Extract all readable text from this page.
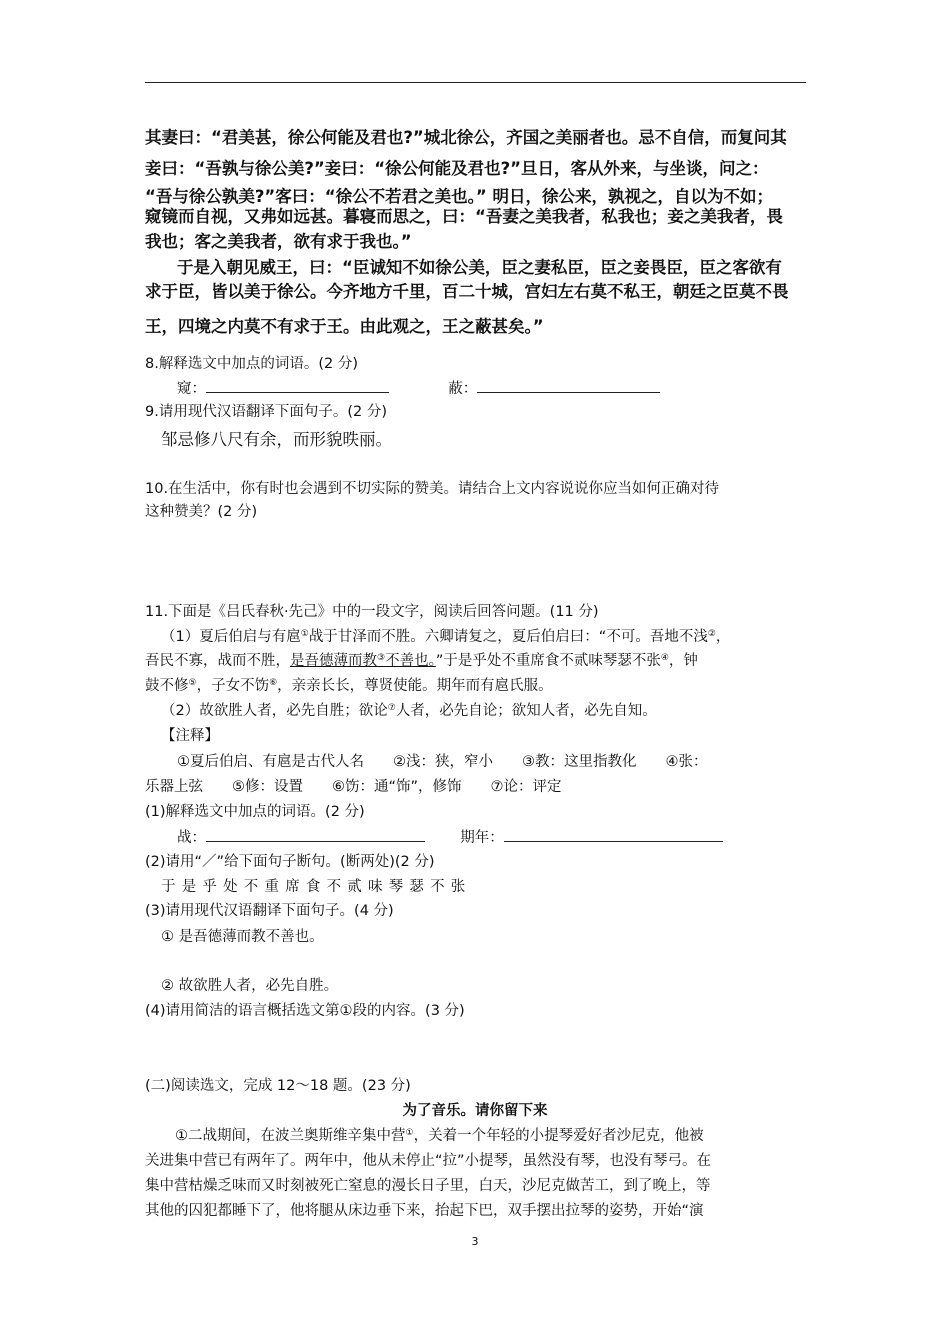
其妻曰：“君美甚，徐公何能及君也?”城北徐公，齐国之美丽者也。忌不自信，而复问其
妾曰：“吾孰与徐公美?”妾曰：“徐公何能及君也?”旦日，客从外来，与坐谈，问之：
“吾与徐公孰美?”客曰：“徐公不若君之美也。” 明日，徐公来，孰视之，自以为不如；
窥镜而自视，又弗如远甚。暮寝而思之，曰：“吾妻之美我者，私我也；妾之美我者，畏
我也；客之美我者，欲有求于我也。”
于是入朝见威王，曰：“臣诚知不如徐公美，臣之妻私臣，臣之妾畏臣，臣之客欲有
求于臣，皆以美于徐公。今齐地方千里，百二十城，宫妇左右莫不私王，朝廷之臣莫不畏
王，四境之内莫不有求于王。由此观之，王之蔽甚矣。”
8.解释选文中加点的词语。(2 分)
窥：	蔽：
9.请用现代汉语翻译下面句子。(2 分)
邹忌修八尺有余，而形貌昳丽。
10.在生活中，你有时也会遇到不切实际的赞美。请结合上文内容说说你应当如何正确对待
这种赞美？(2 分)
11.下面是《吕氏春秋·先己》中的一段文字，阅读后回答问题。(11 分)
（1）夏后伯启与有扈①战于甘泽而不胜。六卿请复之，夏后伯启曰：“不可。吾地不浅②，
吾民不寡，战而不胜，是吾德薄而教③不善也。”于是乎处不重席食不贰味琴瑟不张④，钟
鼓不修⑤，子女不饬⑥，亲亲长长，尊贤使能。期年而有扈氏服。
（2）故欲胜人者，必先自胜；欲论⑦人者，必先自论；欲知人者，必先自知。
【注释】
①夏后伯启、有扈是古代人名　　②浅：狭，窄小　　③教：这里指教化　　④张：
乐器上弦　　⑤修：设置　　⑥饬：通“饰”，修饰　　⑦论：评定
(1)解释选文中加点的词语。(2 分)
战：	期年：
(2)请用“／”给下面句子断句。(断两处)(2 分)
于是乎处不重席食不贰味琴瑟不张
(3)请用现代汉语翻译下面句子。(4 分)
① 是吾德薄而教不善也。
② 故欲胜人者，必先自胜。
(4)请用简洁的语言概括选文第①段的内容。(3 分)
(二)阅读选文，完成 12～18 题。(23 分)
为了音乐。请你留下来
①二战期间，在波兰奥斯维辛集中营①，关着一个年轻的小提琴爱好者沙尼克，他被
关进集中营已有两年了。两年中，他从未停止“拉”小提琴，虽然没有琴，也没有琴弓。在
集中营枯燥乏味而又时刻被死亡窒息的漫长日子里，白天，沙尼克做苦工，到了晚上，等
其他的囚犯都睡下了，他将腿从床边垂下来，抬起下巴，双手摆出拉琴的姿势，开始“演
3
